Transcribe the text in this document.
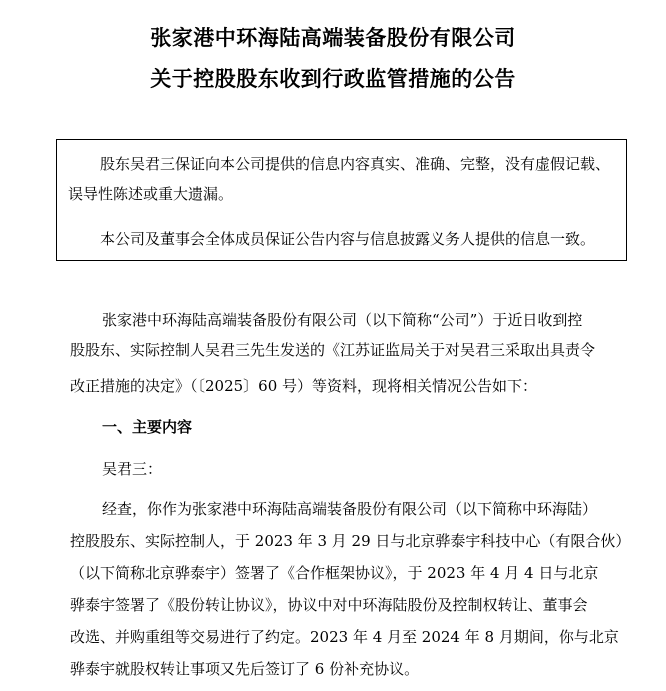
张家港中环海陆高端装备股份有限公司
关于控股股东收到行政监管措施的公告

股东吴君三保证向本公司提供的信息内容真实、准确、完整，没有虚假记载、

误导性陈述或重大遗漏。

本公司及董事会全体成员保证公告内容与信息披露义务人提供的信息一致。

张家港中环海陆高端装备股份有限公司（以下简称“公司”）于近日收到控
股股东、实际控制人吴君三先生发送的《江苏证监局关于对吴君三采取出具责令
改正措施的决定》（〔2025〕60 号）等资料，现将相关情况公告如下：

一、主要内容

吴君三：

经查，你作为张家港中环海陆高端装备股份有限公司（以下简称中环海陆）
控股股东、实际控制人，于 2023 年 3 月 29 日与北京骅泰宇科技中心（有限合伙）
（以下简称北京骅泰宇）签署了《合作框架协议》，于 2023 年 4 月 4 日与北京
骅泰宇签署了《股份转让协议》，协议中对中环海陆股份及控制权转让、董事会
改选、并购重组等交易进行了约定。2023 年 4 月至 2024 年 8 月期间，你与北京
骅泰宇就股权转让事项又先后签订了 6 份补充协议。
